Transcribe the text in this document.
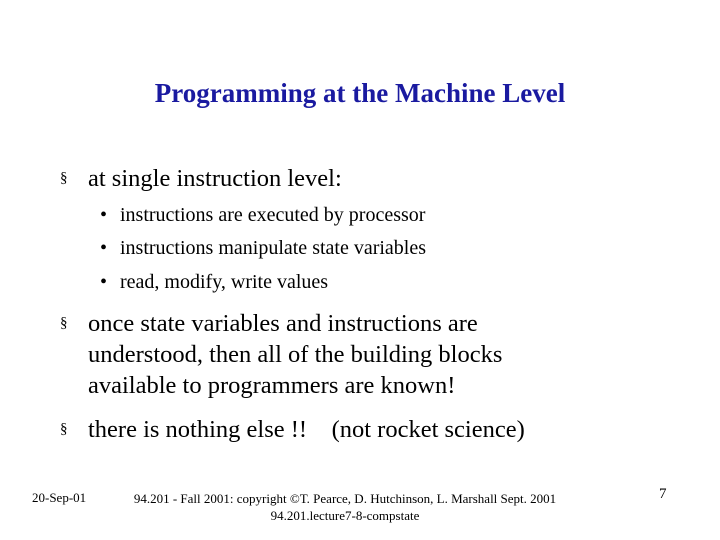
Programming at the Machine Level
§ at single instruction level:
• instructions are executed by processor
• instructions manipulate state variables
• read, modify, write values
§ once state variables and instructions are
understood, then all of the building blocks
available to programmers are known!
§ there is nothing else !!    (not rocket science)
20-Sep-01	94.201 - Fall 2001: copyright ©T. Pearce, D. Hutchinson, L. Marshall Sept. 2001
94.201.lecture7-8-compstate
7
